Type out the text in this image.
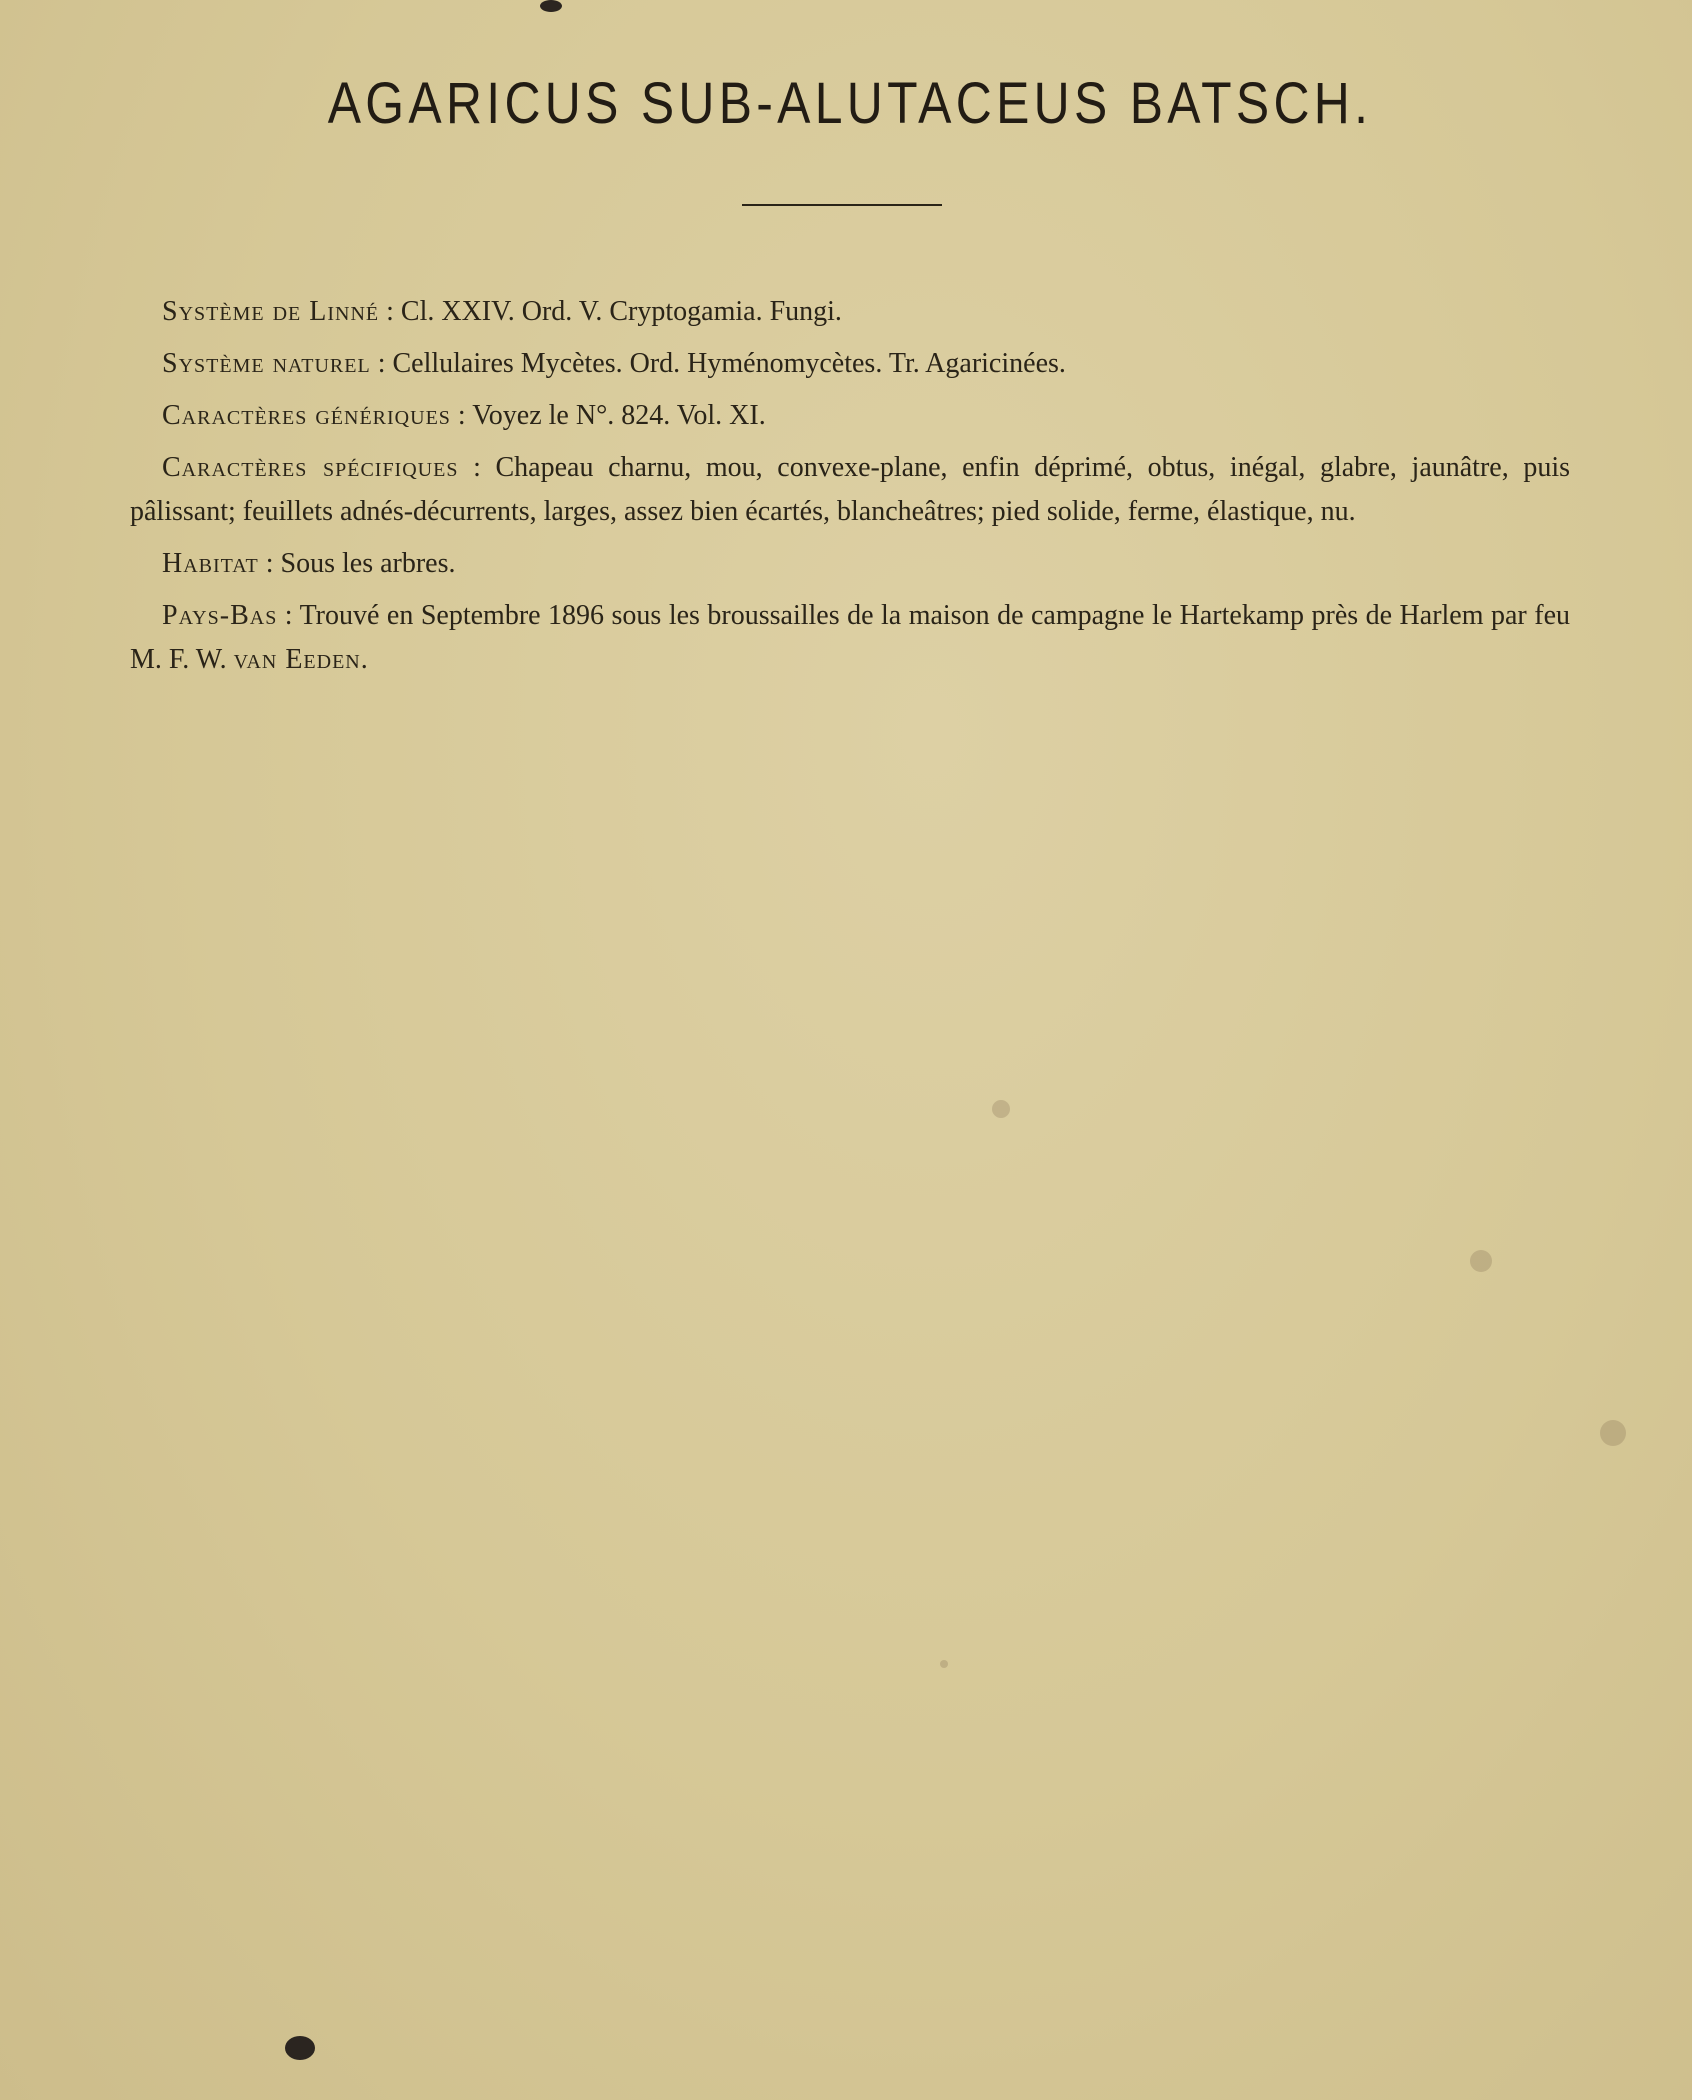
AGARICUS SUB-ALUTACEUS BATSCH.

Système de Linné : Cl. XXIV. Ord. V. Cryptogamia. Fungi.

Système naturel : Cellulaires Mycètes. Ord. Hyménomycètes. Tr. Agaricinées.

Caractères génériques : Voyez le N°. 824. Vol. XI.

Caractères spécifiques : Chapeau charnu, mou, convexe-plane, enfin déprimé, obtus, inégal, glabre, jaunâtre, puis pâlissant; feuillets adnés-décurrents, larges, assez bien écartés, blancheâtres; pied solide, ferme, élastique, nu.

Habitat : Sous les arbres.

Pays-Bas : Trouvé en Septembre 1896 sous les broussailles de la maison de campagne le Hartekamp près de Harlem par feu M. F. W. van Eeden.
